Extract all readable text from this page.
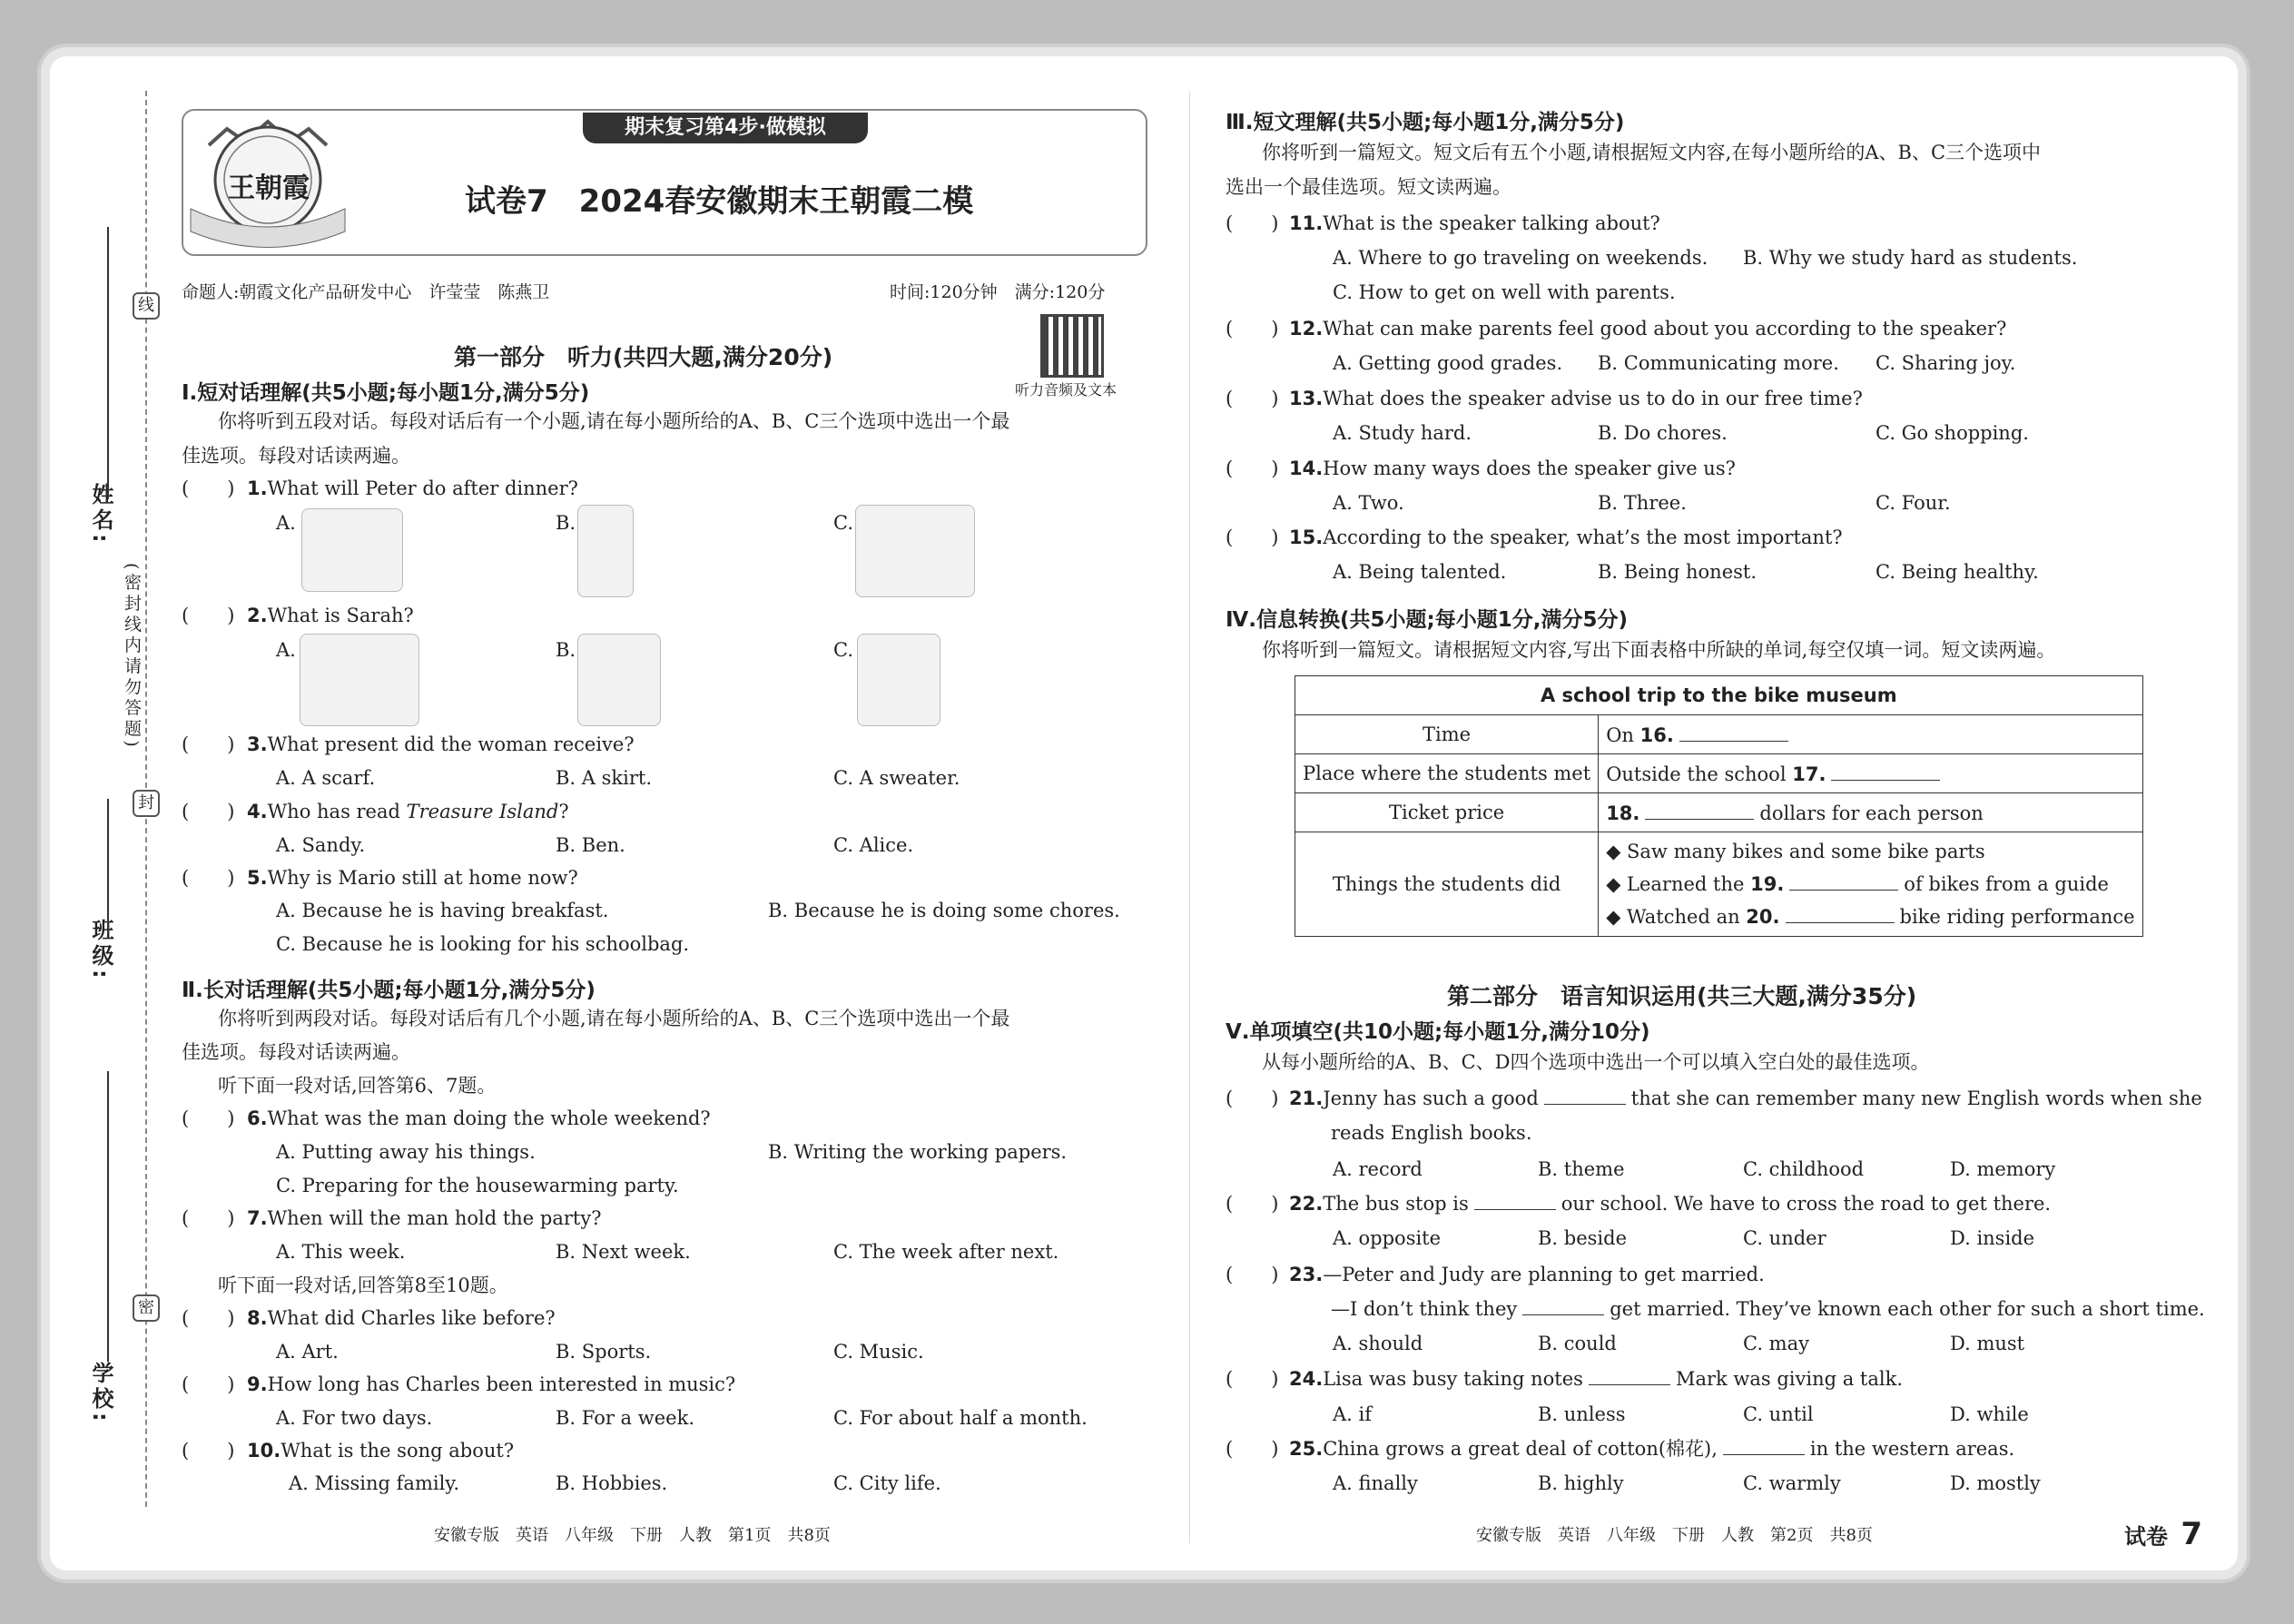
线
封
密
(密封线内请勿答题)
姓名:
班级:
学校:
王朝霞
期末复习第4步·做模拟
试卷7　2024春安徽期末王朝霞二模
命题人:朝霞文化产品研发中心　许莹莹　陈燕卫	时间:120分钟　满分:120分
听力音频及文本
第一部分　听力(共四大题,满分20分)
Ⅰ.短对话理解(共5小题;每小题1分,满分5分)
你将听到五段对话。每段对话后有一个小题,请在每小题所给的A、B、C三个选项中选出一个最
佳选项。每段对话读两遍。
(　　) 1.What will Peter do after dinner?
A.	B.	C.
(　　) 2.What is Sarah?
A.	B.	C.
(　　) 3.What present did the woman receive?
A. A scarf.	B. A skirt.	C. A sweater.
(　　) 4.Who has read Treasure Island?
A. Sandy.	B. Ben.	C. Alice.
(　　) 5.Why is Mario still at home now?
A. Because he is having breakfast.	B. Because he is doing some chores.
C. Because he is looking for his schoolbag.
Ⅱ.长对话理解(共5小题;每小题1分,满分5分)
你将听到两段对话。每段对话后有几个小题,请在每小题所给的A、B、C三个选项中选出一个最
佳选项。每段对话读两遍。
听下面一段对话,回答第6、7题。
(　　) 6.What was the man doing the whole weekend?
A. Putting away his things.	B. Writing the working papers.
C. Preparing for the housewarming party.
(　　) 7.When will the man hold the party?
A. This week.	B. Next week.	C. The week after next.
听下面一段对话,回答第8至10题。
(　　) 8.What did Charles like before?
A. Art.	B. Sports.	C. Music.
(　　) 9.How long has Charles been interested in music?
A. For two days.	B. For a week.	C. For about half a month.
(　　) 10.What is the song about?
A. Missing family.	B. Hobbies.	C. City life.
安徽专版　英语　八年级　下册　人教　第1页　共8页
Ⅲ.短文理解(共5小题;每小题1分,满分5分)
你将听到一篇短文。短文后有五个小题,请根据短文内容,在每小题所给的A、B、C三个选项中
选出一个最佳选项。短文读两遍。
(　　) 11.What is the speaker talking about?
A. Where to go traveling on weekends. B. Why we study hard as students.
C. How to get on well with parents.
(　　) 12.What can make parents feel good about you according to the speaker?
A. Getting good grades. B. Communicating more. C. Sharing joy.
(　　) 13.What does the speaker advise us to do in our free time?
A. Study hard.	B. Do chores.	C. Go shopping.
(　　) 14.How many ways does the speaker give us?
A. Two.	B. Three.	C. Four.
(　　) 15.According to the speaker, what’s the most important?
A. Being talented.	B. Being honest.	C. Being healthy.
Ⅳ.信息转换(共5小题;每小题1分,满分5分)
你将听到一篇短文。请根据短文内容,写出下面表格中所缺的单词,每空仅填一词。短文读两遍。
A school trip to the bike museum	
Time	On 16.
Place where the students met	Outside the school 17.
Ticket price	18. dollars for each person
Things the students did	◆ Saw many bikes and some bike parts
◆ Learned the 19. of bikes from a guide
◆ Watched an 20. bike riding performance
第二部分　语言知识运用(共三大题,满分35分)
Ⅴ.单项填空(共10小题;每小题1分,满分10分)
从每小题所给的A、B、C、D四个选项中选出一个可以填入空白处的最佳选项。
(　　) 21.Jenny has such a good	that she can remember many new English words when she
reads English books.
A. record	B. theme	C. childhood	D. memory
(　　) 22.The bus stop is	our school. We have to cross the road to get there.
A. opposite	B. beside	C. under	D. inside
(　　) 23.—Peter and Judy are planning to get married.
—I don’t think they	get married. They’ve known each other for such a short time.
A. should	B. could	C. may	D. must
(　　) 24.Lisa was busy taking notes	Mark was giving a talk.
A. if	B. unless	C. until	D. while
(　　) 25.China grows a great deal of cotton(棉花),	in the western areas.
A. finally	B. highly	C. warmly	D. mostly
安徽专版　英语　八年级　下册　人教　第2页　共8页	试卷 7
